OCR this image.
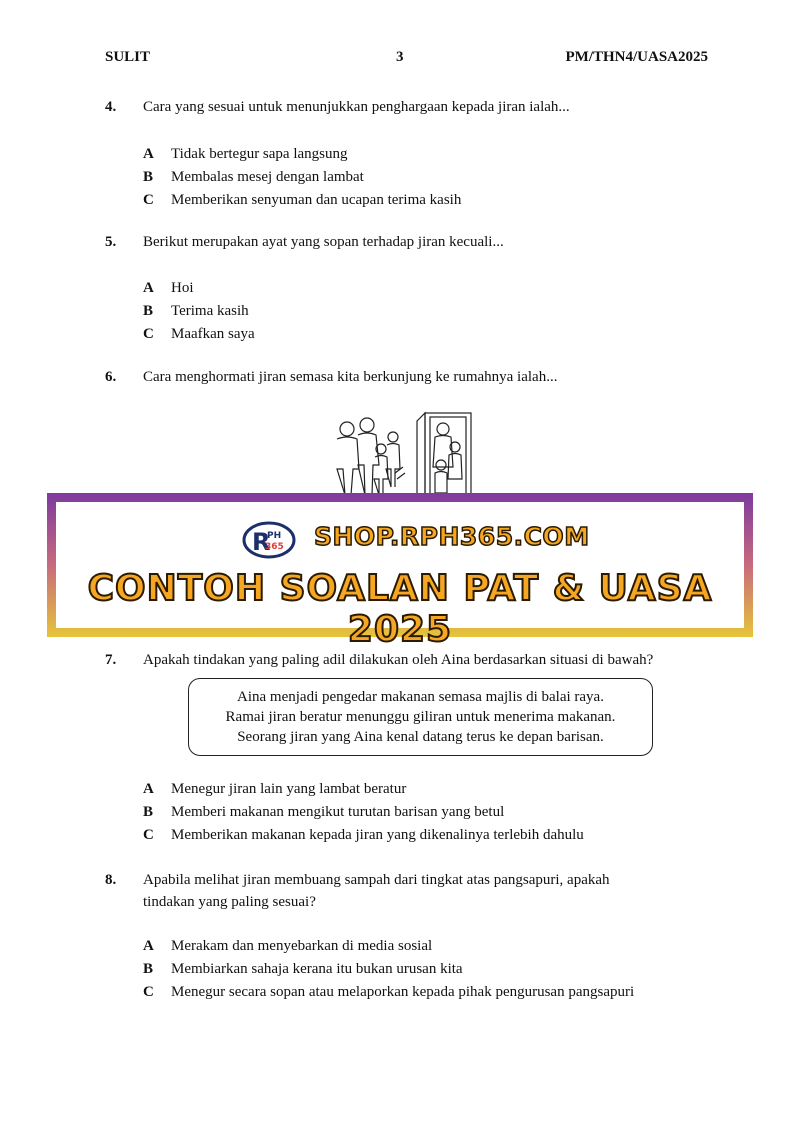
SULIT	3	PM/THN4/UASA2025
4. Cara yang sesuai untuk menunjukkan penghargaan kepada jiran ialah...
A Tidak bertegur sapa langsung
B Membalas mesej dengan lambat
C Memberikan senyuman dan ucapan terima kasih
5. Berikut merupakan ayat yang sopan terhadap jiran kecuali...
A Hoi
B Terima kasih
C Maafkan saya
6. Cara menghormati jiran semasa kita berkunjung ke rumahnya ialah...
R
PH
365 SHOP.RPH365.COM
CONTOH SOALAN PAT & UASA 2025
7. Apakah tindakan yang paling adil dilakukan oleh Aina berdasarkan situasi di bawah?
Aina menjadi pengedar makanan semasa majlis di balai raya.
Ramai jiran beratur menunggu giliran untuk menerima makanan.
Seorang jiran yang Aina kenal datang terus ke depan barisan.
A Menegur jiran lain yang lambat beratur
B Memberi makanan mengikut turutan barisan yang betul
C Memberikan makanan kepada jiran yang dikenalinya terlebih dahulu
8. Apabila melihat jiran membuang sampah dari tingkat atas pangsapuri, apakah tindakan yang paling sesuai?
A Merakam dan menyebarkan di media sosial
B Membiarkan sahaja kerana itu bukan urusan kita
C Menegur secara sopan atau melaporkan kepada pihak pengurusan pangsapuri
